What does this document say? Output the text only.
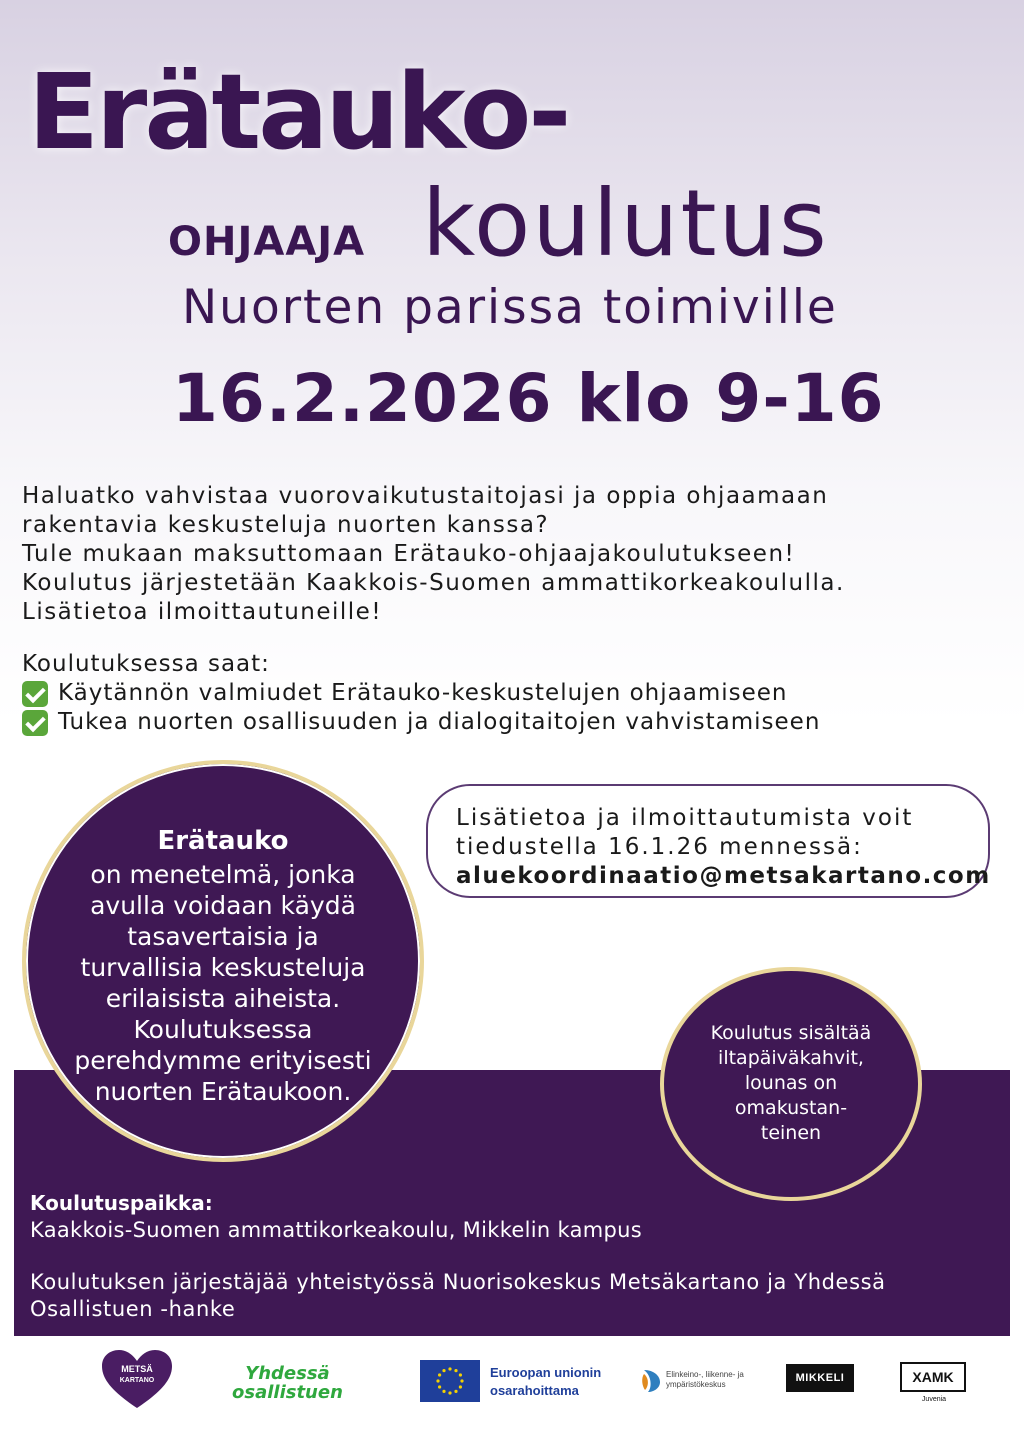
Erätauko-
OHJAAJA koulutus
Nuorten parissa toimiville
16.2.2026 klo 9-16
Haluatko vahvistaa vuorovaikutustaitojasi ja oppia ohjaamaan
rakentavia keskusteluja nuorten kanssa?
Tule mukaan maksuttomaan Erätauko-ohjaajakoulutukseen!
Koulutus järjestetään Kaakkois-Suomen ammattikorkeakoululla.
Lisätietoa ilmoittautuneille!
Koulutuksessa saat:
Käytännön valmiudet Erätauko-keskustelujen ohjaamiseen
Tukea nuorten osallisuuden ja dialogitaitojen vahvistamiseen
Lisätietoa ja ilmoittautumista voit
tiedustella 16.1.26 mennessä:
aluekoordinaatio@metsakartano.com
Erätauko
on menetelmä, jonka
avulla voidaan käydä
tasavertaisia ja
turvallisia keskusteluja
erilaisista aiheista.
Koulutuksessa
perehdymme erityisesti
nuorten Erätaukoon.
Koulutus sisältää
iltapäiväkahvit,
lounas on
omakustan-
teinen
Koulutuspaikka:
Kaakkois-Suomen ammattikorkeakoulu, Mikkelin kampus
Koulutuksen järjestäjää yhteistyössä Nuorisokeskus Metsäkartano ja Yhdessä
Osallistuen -hanke
METSÄ
KARTANO	Yhdessä
osallistuen
Euroopan unionin
osarahoittama
Elinkeino-, liikenne- ja
ympäristökeskus
MIKKELI	XAMK
Juvenia
